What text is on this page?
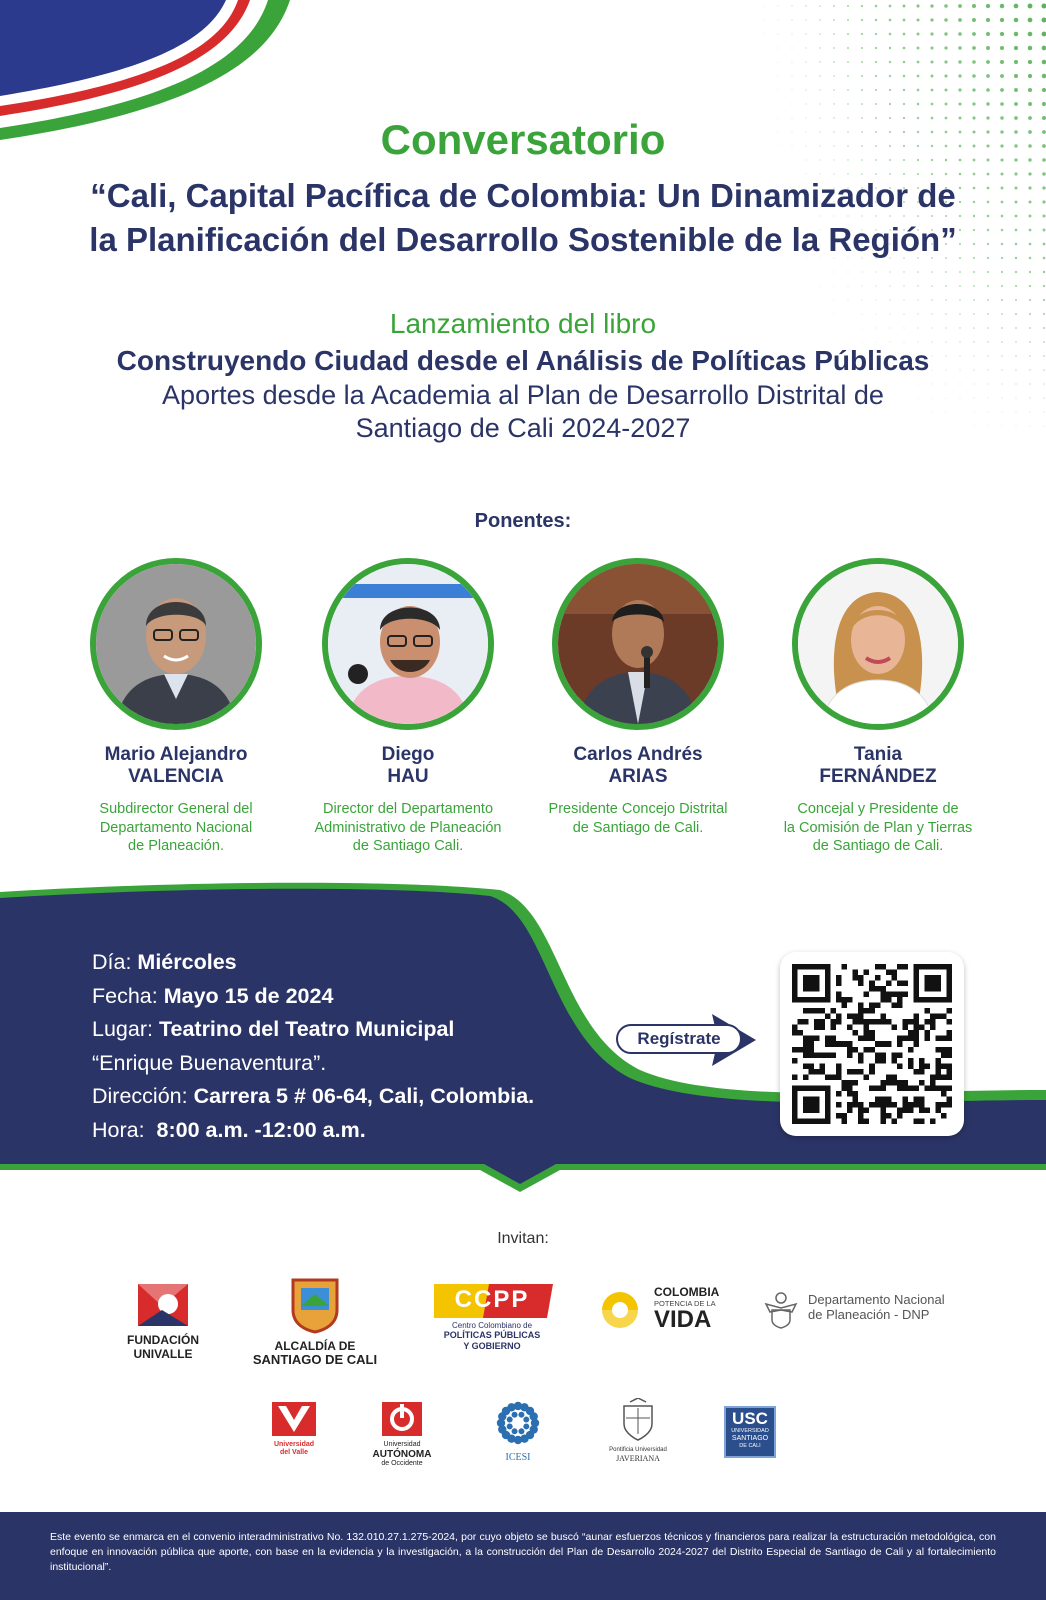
Conversatorio
“Cali, Capital Pacífica de Colombia: Un Dinamizador de
la Planificación del Desarrollo Sostenible de la Región”
Lanzamiento del libro
Construyendo Ciudad desde el Análisis de Políticas Públicas
Aportes desde la Academia al Plan de Desarrollo Distrital de
Santiago de Cali 2024-2027
Ponentes:
Mario Alejandro
VALENCIA
Subdirector General del
Departamento Nacional
de Planeación.
Diego
HAU
Director del Departamento
Administrativo de Planeación
de Santiago Cali.
Carlos Andrés
ARIAS
Presidente Concejo Distrital
de Santiago de Cali.
Tania
FERNÁNDEZ
Concejal y Presidente de
la Comisión de Plan y Tierras
de Santiago de Cali.
Día: Miércoles
Fecha: Mayo 15 de 2024
Lugar: Teatrino del Teatro Municipal
“Enrique Buenaventura”.
Dirección: Carrera 5 # 06-64, Cali, Colombia.
Hora: 8:00 a.m. -12:00 a.m.
Regístrate
Invitan:
FUNDACIÓN
UNIVALLE
ALCALDÍA DE
SANTIAGO DE CALI
CCPP
Centro Colombiano de
POLÍTICAS PÚBLICAS
Y GOBIERNO
COLOMBIA
POTENCIA DE LA
VIDA
Departamento Nacional
de Planeación - DNP
Universidad
del Valle
Universidad
AUTÓNOMA
de Occidente
ICESI
Pontificia Universidad
JAVERIANA
USC
UNIVERSIDAD
SANTIAGO
DE CALI
Este evento se enmarca en el convenio interadministrativo No. 132.010.27.1.275-2024, por cuyo objeto se buscó “aunar esfuerzos técnicos y financieros para realizar la estructuración metodológica, con enfoque en innovación pública que aporte, con base en la evidencia y la investigación, a la construcción del Plan de Desarrollo 2024-2027 del Distrito Especial de Santiago de Cali y al fortalecimiento institucional”.
